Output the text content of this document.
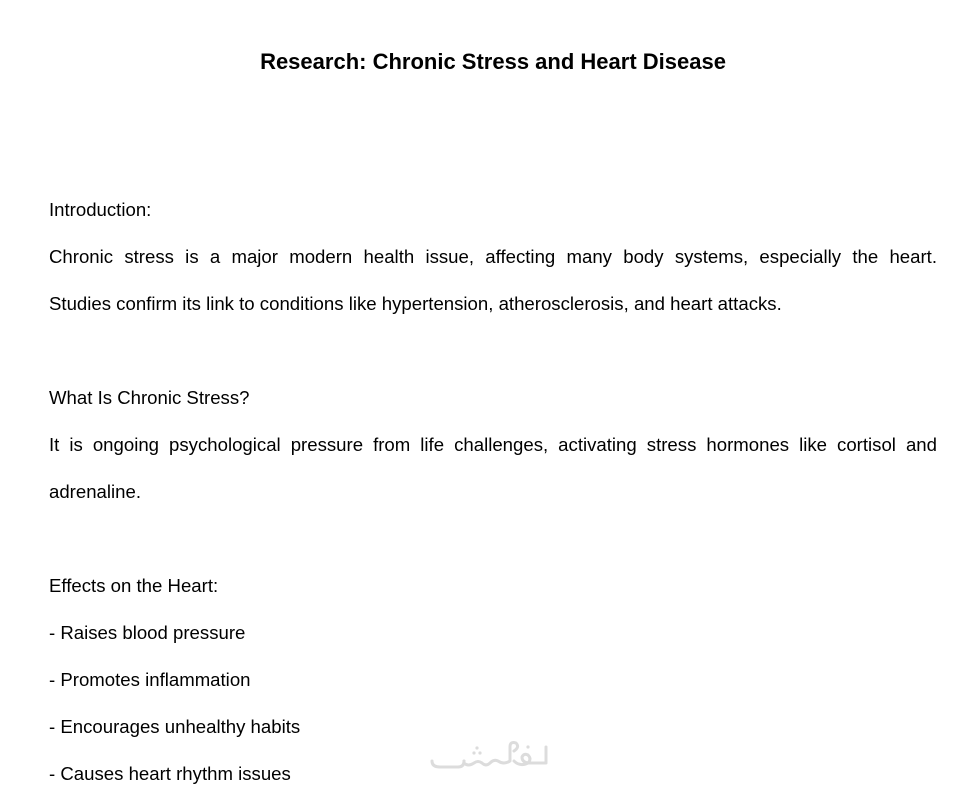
Research: Chronic Stress and Heart Disease

Introduction:

Chronic stress is a major modern health issue, affecting many body systems, especially the heart.

Studies confirm its link to conditions like hypertension, atherosclerosis, and heart attacks.

What Is Chronic Stress?

It is ongoing psychological pressure from life challenges, activating stress hormones like cortisol and

adrenaline.

Effects on the Heart:

- Raises blood pressure
- Promotes inflammation
- Encourages unhealthy habits
- Causes heart rhythm issues
